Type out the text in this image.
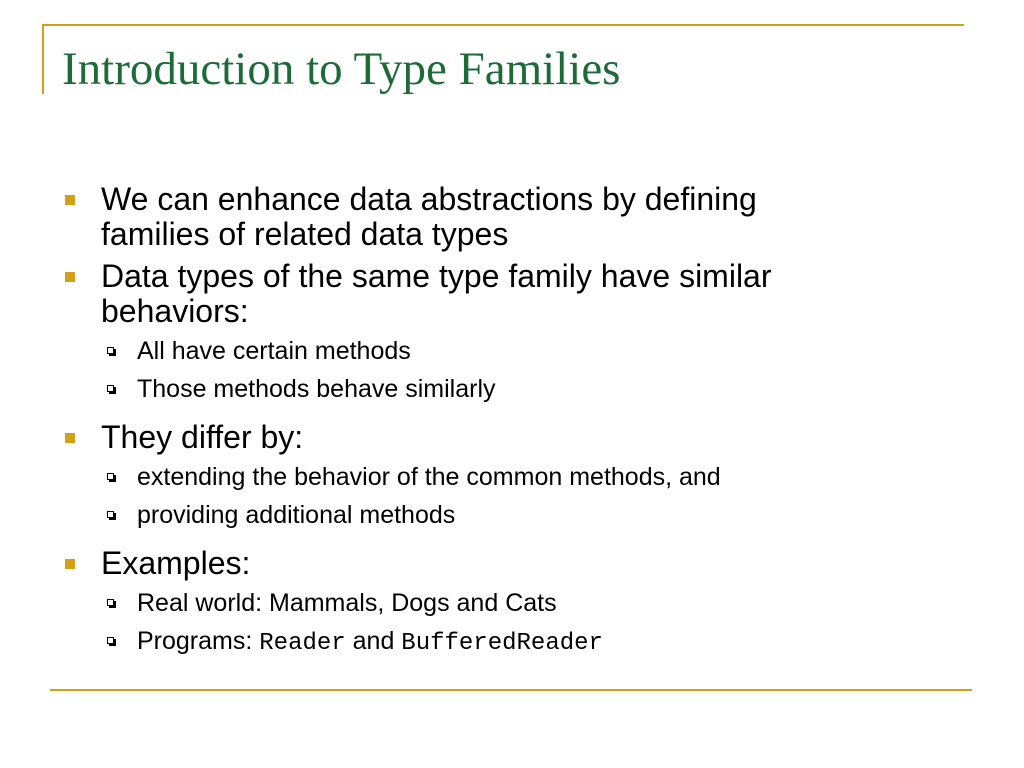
Introduction to Type Families
We can enhance data abstractions by defining
families of related data types
Data types of the same type family have similar
behaviors:
All have certain methods
Those methods behave similarly
They differ by:
extending the behavior of the common methods, and
providing additional methods
Examples:
Real world: Mammals, Dogs and Cats
Programs: Reader and BufferedReader
